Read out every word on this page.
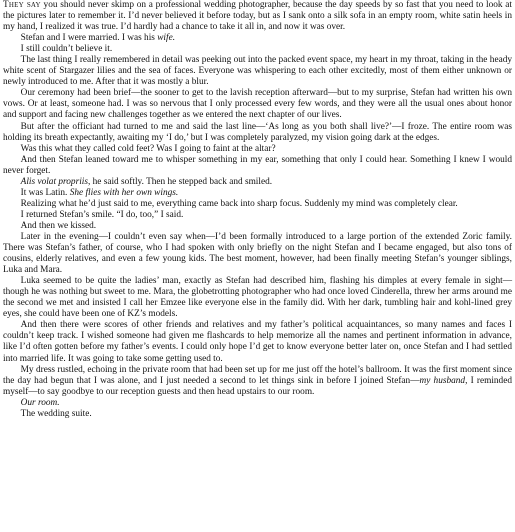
They say you should never skimp on a professional wedding photographer, because the day speeds by so fast that you need to look at the pictures later to remember it. I’d never believed it before today, but as I sank onto a silk sofa in an empty room, white satin heels in my hand, I realized it was true. I’d hardly had a chance to take it all in, and now it was over.

Stefan and I were married. I was his wife.

I still couldn’t believe it.

The last thing I really remembered in detail was peeking out into the packed event space, my heart in my throat, taking in the heady white scent of Stargazer lilies and the sea of faces. Everyone was whispering to each other excitedly, most of them either unknown or newly introduced to me. After that it was mostly a blur.

Our ceremony had been brief—the sooner to get to the lavish reception afterward—but to my surprise, Stefan had written his own vows. Or at least, someone had. I was so nervous that I only processed every few words, and they were all the usual ones about honor and support and facing new challenges together as we entered the next chapter of our lives.

But after the officiant had turned to me and said the last line—‘As long as you both shall live?’—I froze. The entire room was holding its breath expectantly, awaiting my ‘I do,’ but I was completely paralyzed, my vision going dark at the edges.

Was this what they called cold feet? Was I going to faint at the altar?

And then Stefan leaned toward me to whisper something in my ear, something that only I could hear. Something I knew I would never forget.

Alis volat propriis, he said softly. Then he stepped back and smiled.

It was Latin. She flies with her own wings.

Realizing what he’d just said to me, everything came back into sharp focus. Suddenly my mind was completely clear.

I returned Stefan’s smile. “I do, too,” I said.

And then we kissed.

Later in the evening—I couldn’t even say when—I’d been formally introduced to a large portion of the extended Zoric family. There was Stefan’s father, of course, who I had spoken with only briefly on the night Stefan and I became engaged, but also tons of cousins, elderly relatives, and even a few young kids. The best moment, however, had been finally meeting Stefan’s younger siblings, Luka and Mara.

Luka seemed to be quite the ladies’ man, exactly as Stefan had described him, flashing his dimples at every female in sight—though he was nothing but sweet to me. Mara, the globetrotting photographer who had once loved Cinderella, threw her arms around me the second we met and insisted I call her Emzee like everyone else in the family did. With her dark, tumbling hair and kohl-lined grey eyes, she could have been one of KZ’s models.

And then there were scores of other friends and relatives and my father’s political acquaintances, so many names and faces I couldn’t keep track. I wished someone had given me flashcards to help memorize all the names and pertinent information in advance, like I’d often gotten before my father’s events. I could only hope I’d get to know everyone better later on, once Stefan and I had settled into married life. It was going to take some getting used to.

My dress rustled, echoing in the private room that had been set up for me just off the hotel’s ballroom. It was the first moment since the day had begun that I was alone, and I just needed a second to let things sink in before I joined Stefan—my husband, I reminded myself—to say goodbye to our reception guests and then head upstairs to our room.

Our room.

The wedding suite.
